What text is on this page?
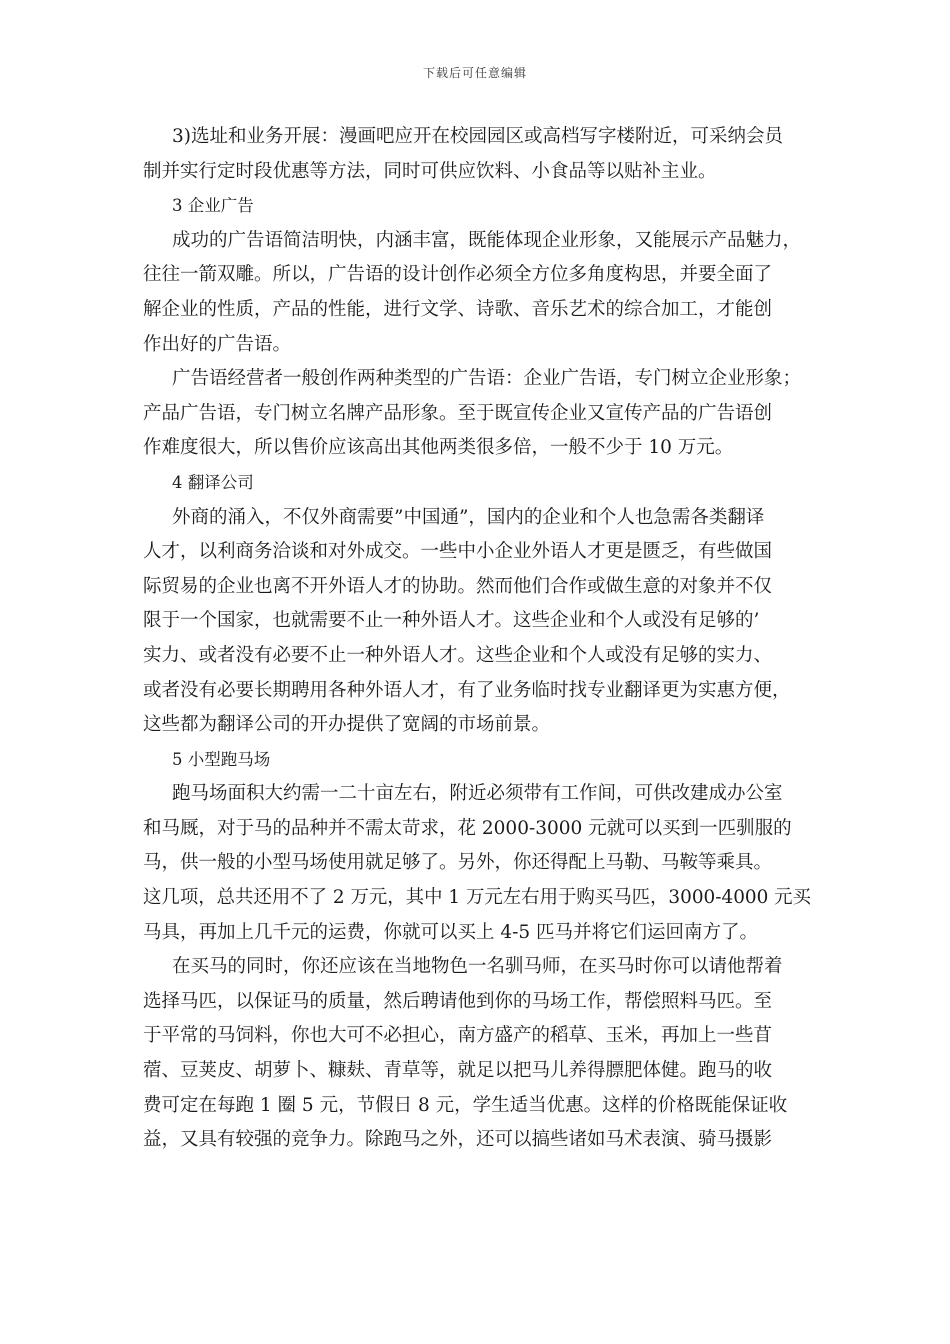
下载后可任意编辑
3)选址和业务开展：漫画吧应开在校园园区或高档写字楼附近，可采纳会员
制并实行定时段优惠等方法，同时可供应饮料、小食品等以贴补主业。
3 企业广告
成功的广告语简洁明快，内涵丰富，既能体现企业形象，又能展示产品魅力，
往往一箭双雕。所以，广告语的设计创作必须全方位多角度构思，并要全面了
解企业的性质，产品的性能，进行文学、诗歌、音乐艺术的综合加工，才能创
作出好的广告语。
广告语经营者一般创作两种类型的广告语：企业广告语，专门树立企业形象；
产品广告语，专门树立名牌产品形象。至于既宣传企业又宣传产品的广告语创
作难度很大，所以售价应该高出其他两类很多倍，一般不少于 10 万元。
4 翻译公司
外商的涌入，不仅外商需要”中国通”，国内的企业和个人也急需各类翻译
人才，以利商务洽谈和对外成交。一些中小企业外语人才更是匮乏，有些做国
际贸易的企业也离不开外语人才的协助。然而他们合作或做生意的对象并不仅
限于一个国家，也就需要不止一种外语人才。这些企业和个人或没有足够的’
实力、或者没有必要不止一种外语人才。这些企业和个人或没有足够的实力、
或者没有必要长期聘用各种外语人才，有了业务临时找专业翻译更为实惠方便，
这些都为翻译公司的开办提供了宽阔的市场前景。
5 小型跑马场
跑马场面积大约需一二十亩左右，附近必须带有工作间，可供改建成办公室
和马厩，对于马的品种并不需太苛求，花 2000-3000 元就可以买到一匹驯服的
马，供一般的小型马场使用就足够了。另外，你还得配上马勒、马鞍等乘具。
这几项，总共还用不了 2 万元，其中 1 万元左右用于购买马匹，3000-4000 元买
马具，再加上几千元的运费，你就可以买上 4-5 匹马并将它们运回南方了。
在买马的同时，你还应该在当地物色一名驯马师，在买马时你可以请他帮着
选择马匹，以保证马的质量，然后聘请他到你的马场工作，帮偿照料马匹。至
于平常的马饲料，你也大可不必担心，南方盛产的稻草、玉米，再加上一些苜
蓿、豆荚皮、胡萝卜、糠麸、青草等，就足以把马儿养得膘肥体健。跑马的收
费可定在每跑 1 圈 5 元，节假日 8 元，学生适当优惠。这样的价格既能保证收
益，又具有较强的竞争力。除跑马之外，还可以搞些诸如马术表演、骑马摄影
